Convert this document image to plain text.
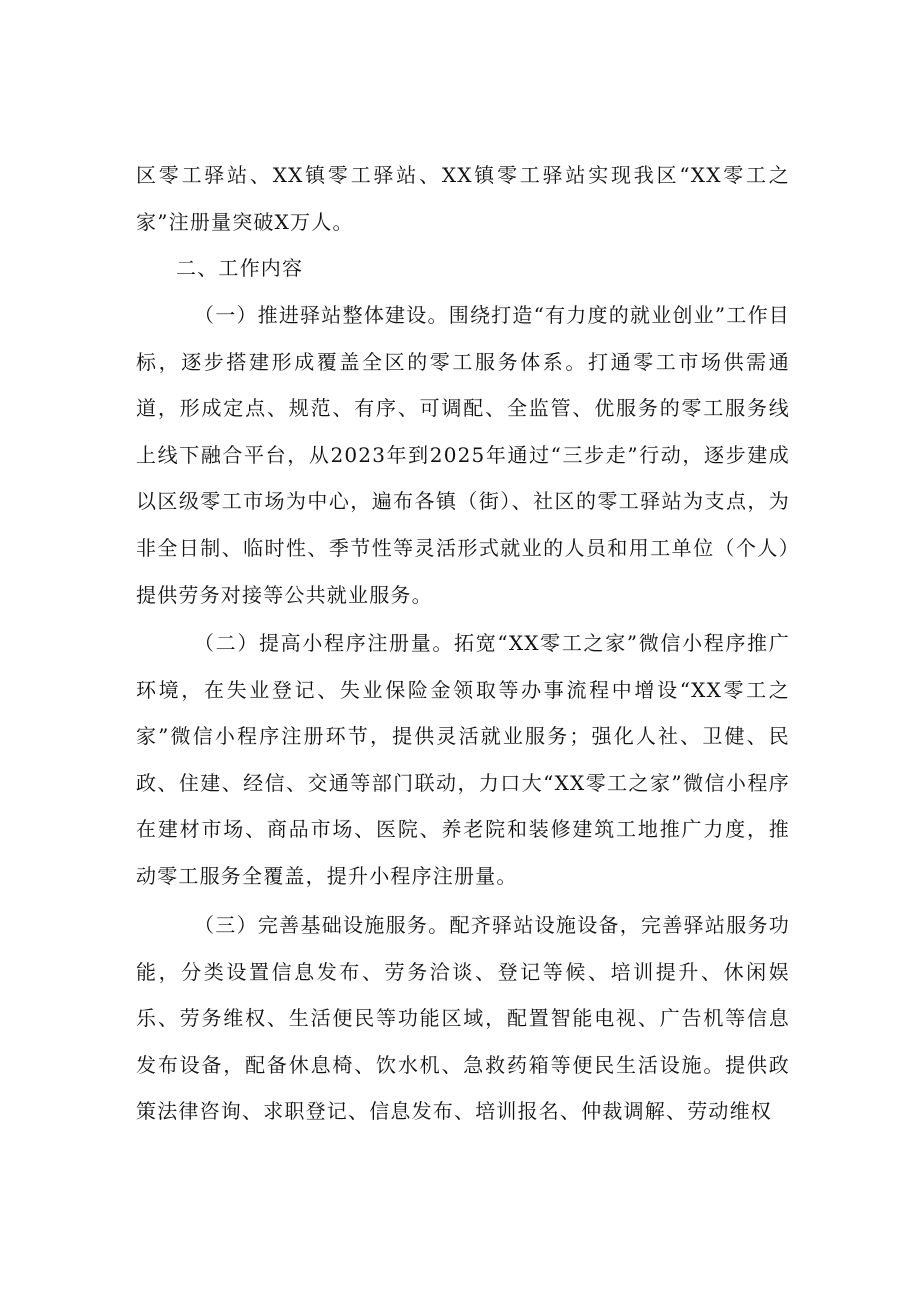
区零工驿站、XX镇零工驿站、XX镇零工驿站实现我区“XX零工之家”注册量突破X万人。
二、工作内容
（一）推进驿站整体建设。围绕打造“有力度的就业创业”工作目标，逐步搭建形成覆盖全区的零工服务体系。打通零工市场供需通道，形成定点、规范、有序、可调配、全监管、优服务的零工服务线上线下融合平台，从2023年到2025年通过“三步走”行动，逐步建成以区级零工市场为中心，遍布各镇（街）、社区的零工驿站为支点，为非全日制、临时性、季节性等灵活形式就业的人员和用工单位（个人）提供劳务对接等公共就业服务。
（二）提高小程序注册量。拓宽“XX零工之家”微信小程序推广环境，在失业登记、失业保险金领取等办事流程中增设“XX零工之家”微信小程序注册环节，提供灵活就业服务；强化人社、卫健、民政、住建、经信、交通等部门联动，力口大“XX零工之家”微信小程序在建材市场、商品市场、医院、养老院和装修建筑工地推广力度，推动零工服务全覆盖，提升小程序注册量。
（三）完善基础设施服务。配齐驿站设施设备，完善驿站服务功能，分类设置信息发布、劳务洽谈、登记等候、培训提升、休闲娱乐、劳务维权、生活便民等功能区域，配置智能电视、广告机等信息发布设备，配备休息椅、饮水机、急救药箱等便民生活设施。提供政策法律咨询、求职登记、信息发布、培训报名、仲裁调解、劳动维权
